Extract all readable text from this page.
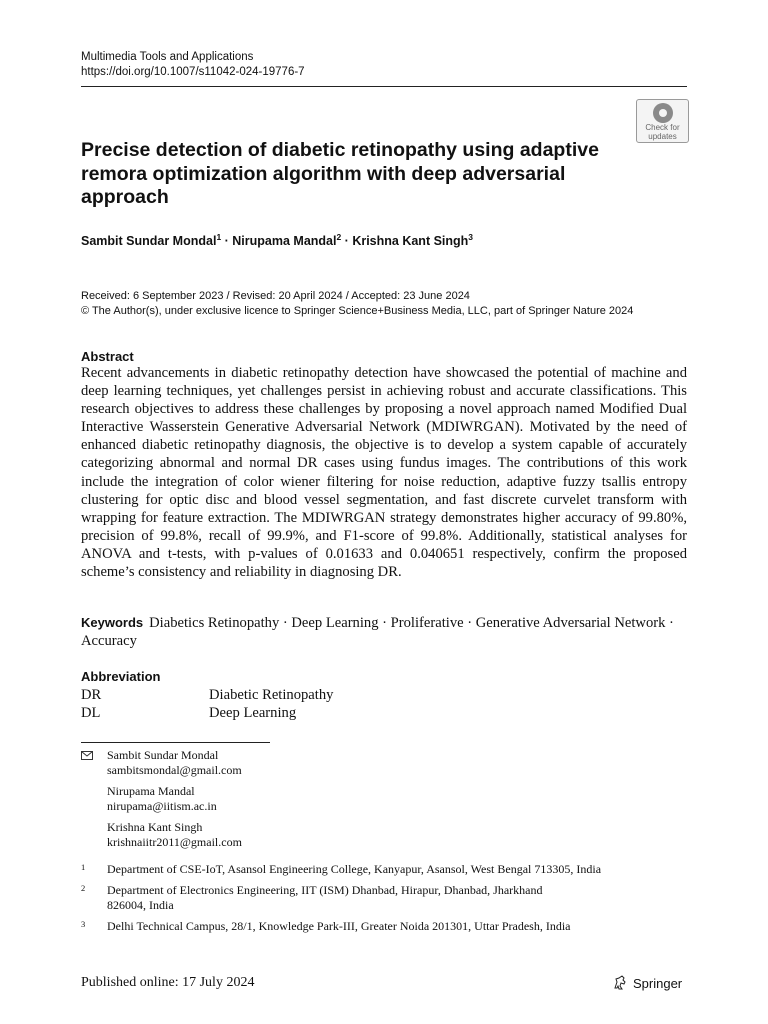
Multimedia Tools and Applications
https://doi.org/10.1007/s11042-024-19776-7
Check for
updates
Precise detection of diabetic retinopathy using adaptive remora optimization algorithm with deep adversarial approach
Sambit Sundar Mondal$^1$ · Nirupama Mandal$^2$ · Krishna Kant Singh$^3$
Received: 6 September 2023 / Revised: 20 April 2024 / Accepted: 23 June 2024
© The Author(s), under exclusive licence to Springer Science+Business Media, LLC, part of Springer Nature 2024
Abstract
Recent advancements in diabetic retinopathy detection have showcased the potential of machine and deep learning techniques, yet challenges persist in achieving robust and accurate classifications. This research objectives to address these challenges by proposing a novel approach named Modified Dual Interactive Wasserstein Generative Adversarial Network (MDIWRGAN). Motivated by the need of enhanced diabetic retinopathy diagnosis, the objective is to develop a system capable of accurately categorizing abnormal and normal DR cases using fundus images. The contributions of this work include the integration of color wiener filtering for noise reduction, adaptive fuzzy tsallis entropy clustering for optic disc and blood vessel segmentation, and fast discrete curvelet transform with wrapping for feature extraction. The MDIWRGAN strategy demonstrates higher accuracy of 99.80%, precision of 99.8%, recall of 99.9%, and F1-score of 99.8%. Additionally, statistical analyses for ANOVA and t-tests, with p-values of 0.01633 and 0.040651 respectively, confirm the proposed scheme’s consistency and reliability in diagnosing DR.
Keywords Diabetics Retinopathy · Deep Learning · Proliferative · Generative Adversarial Network · Accuracy
Abbreviation
DR	Diabetic Retinopathy
DL	Deep Learning
Sambit Sundar Mondal
sambitsmondal@gmail.com
Nirupama Mandal
nirupama@iitism.ac.in
Krishna Kant Singh
krishnaiitr2011@gmail.com
1	Department of CSE-IoT, Asansol Engineering College, Kanyapur, Asansol, West Bengal 713305, India
2	Department of Electronics Engineering, IIT (ISM) Dhanbad, Hirapur, Dhanbad, Jharkhand 826004, India
3	Delhi Technical Campus, 28/1, Knowledge Park-III, Greater Noida 201301, Uttar Pradesh, India
Published online: 17 July 2024	Springer
